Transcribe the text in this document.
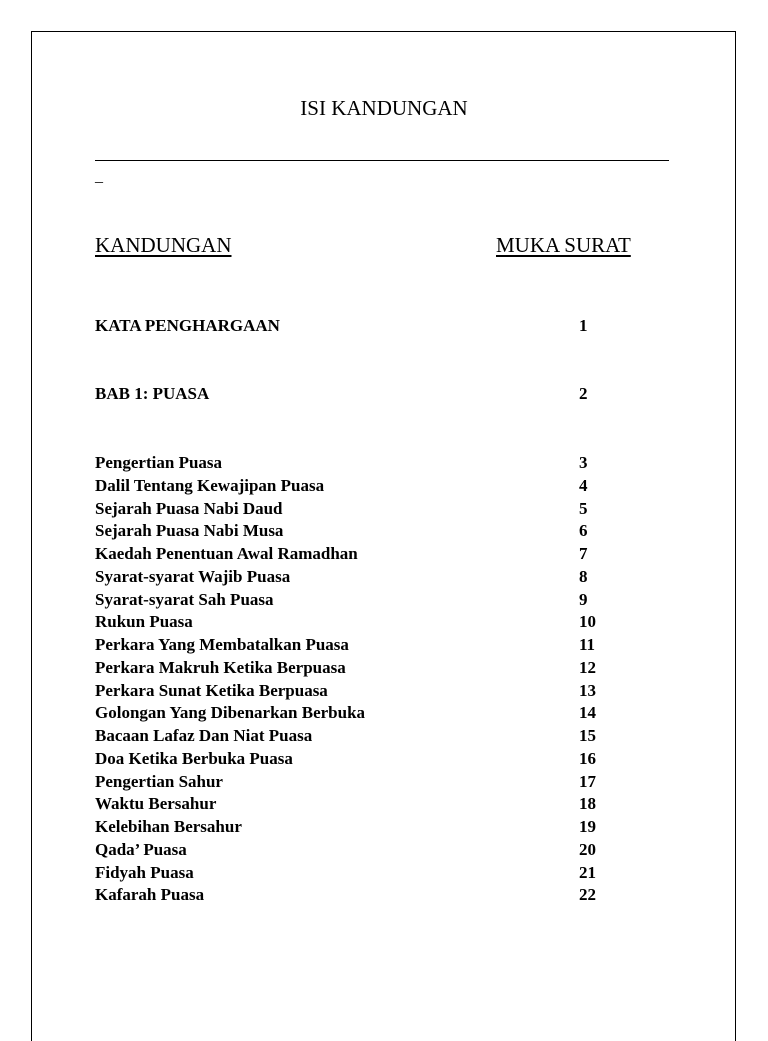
ISI KANDUNGAN
_
KANDUNGAN	MUKA SURAT
KATA PENGHARGAAN	1
BAB 1: PUASA	2
Pengertian Puasa	3
Dalil Tentang Kewajipan Puasa	4
Sejarah Puasa Nabi Daud	5
Sejarah Puasa Nabi Musa	6
Kaedah Penentuan Awal Ramadhan	7
Syarat-syarat Wajib Puasa	8
Syarat-syarat Sah Puasa	9
Rukun Puasa	10
Perkara Yang Membatalkan Puasa	11
Perkara Makruh Ketika Berpuasa	12
Perkara Sunat Ketika Berpuasa	13
Golongan Yang Dibenarkan Berbuka	14
Bacaan Lafaz Dan Niat Puasa	15
Doa Ketika Berbuka Puasa	16
Pengertian Sahur	17
Waktu Bersahur	18
Kelebihan Bersahur	19
Qada’ Puasa	20
Fidyah Puasa	21
Kafarah Puasa	22
